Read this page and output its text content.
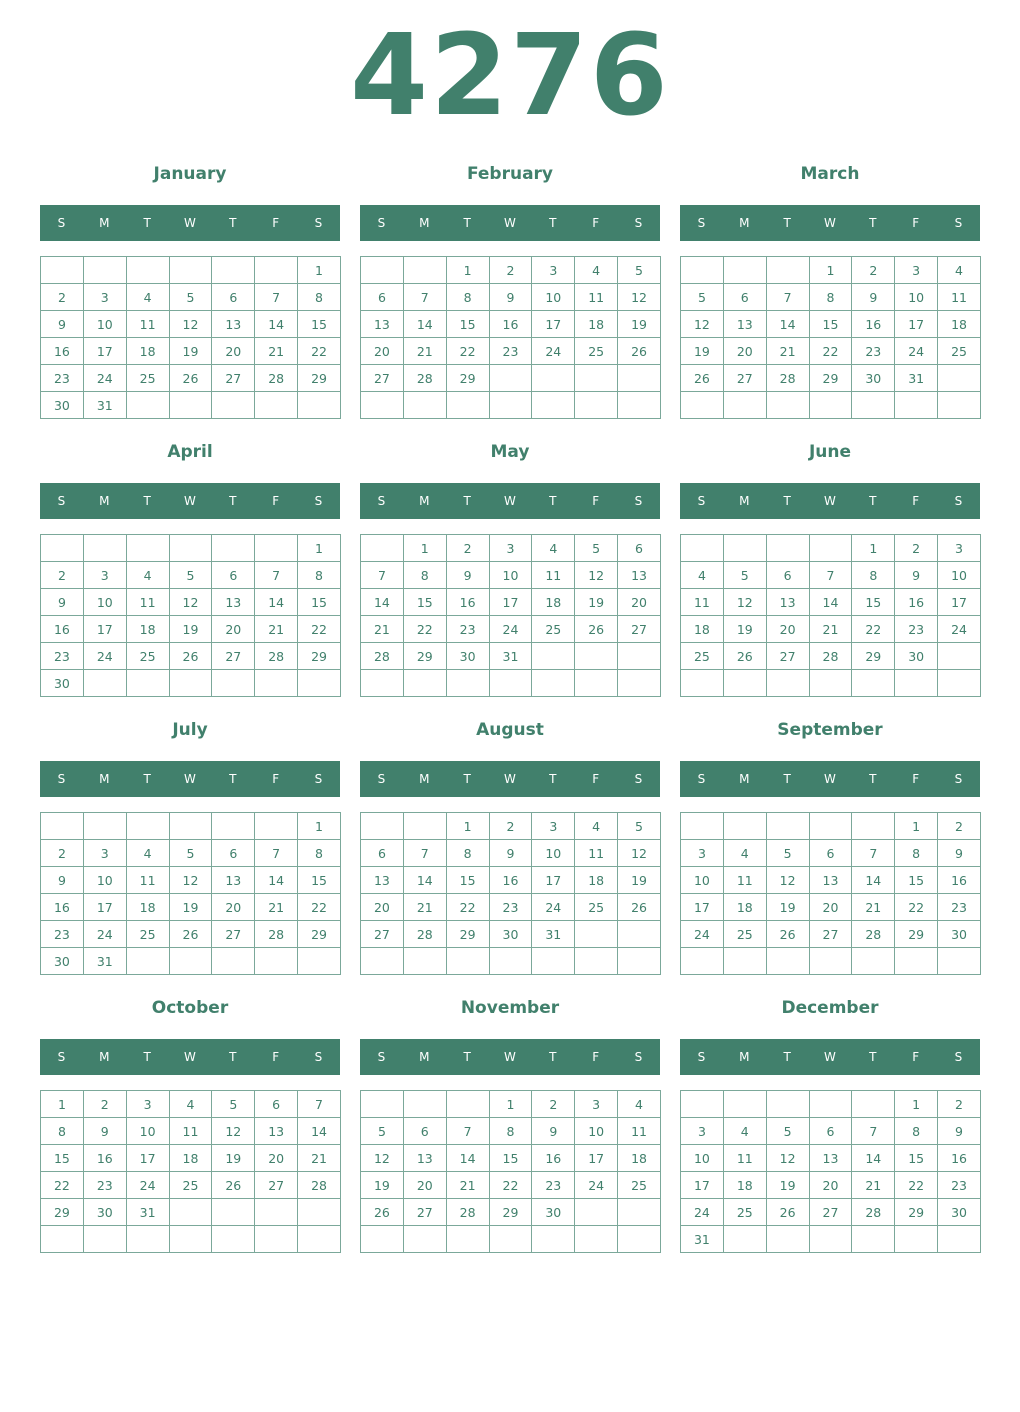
4276
January
S	M	T	W	T	F	S
						1
2	3	4	5	6	7	8
9	10	11	12	13	14	15
16	17	18	19	20	21	22
23	24	25	26	27	28	29
30	31					
February
S	M	T	W	T	F	S
		1	2	3	4	5
6	7	8	9	10	11	12
13	14	15	16	17	18	19
20	21	22	23	24	25	26
27	28	29				

March
S	M	T	W	T	F	S
			1	2	3	4
5	6	7	8	9	10	11
12	13	14	15	16	17	18
19	20	21	22	23	24	25
26	27	28	29	30	31	

April
S	M	T	W	T	F	S
						1
2	3	4	5	6	7	8
9	10	11	12	13	14	15
16	17	18	19	20	21	22
23	24	25	26	27	28	29
30						
May
S	M	T	W	T	F	S
	1	2	3	4	5	6
7	8	9	10	11	12	13
14	15	16	17	18	19	20
21	22	23	24	25	26	27
28	29	30	31			

June
S	M	T	W	T	F	S
				1	2	3
4	5	6	7	8	9	10
11	12	13	14	15	16	17
18	19	20	21	22	23	24
25	26	27	28	29	30	

July
S	M	T	W	T	F	S
						1
2	3	4	5	6	7	8
9	10	11	12	13	14	15
16	17	18	19	20	21	22
23	24	25	26	27	28	29
30	31					
August
S	M	T	W	T	F	S
		1	2	3	4	5
6	7	8	9	10	11	12
13	14	15	16	17	18	19
20	21	22	23	24	25	26
27	28	29	30	31		

September
S	M	T	W	T	F	S
					1	2
3	4	5	6	7	8	9
10	11	12	13	14	15	16
17	18	19	20	21	22	23
24	25	26	27	28	29	30

October
S	M	T	W	T	F	S
1	2	3	4	5	6	7
8	9	10	11	12	13	14
15	16	17	18	19	20	21
22	23	24	25	26	27	28
29	30	31				

November
S	M	T	W	T	F	S
			1	2	3	4
5	6	7	8	9	10	11
12	13	14	15	16	17	18
19	20	21	22	23	24	25
26	27	28	29	30		

December
S	M	T	W	T	F	S
					1	2
3	4	5	6	7	8	9
10	11	12	13	14	15	16
17	18	19	20	21	22	23
24	25	26	27	28	29	30
31						
